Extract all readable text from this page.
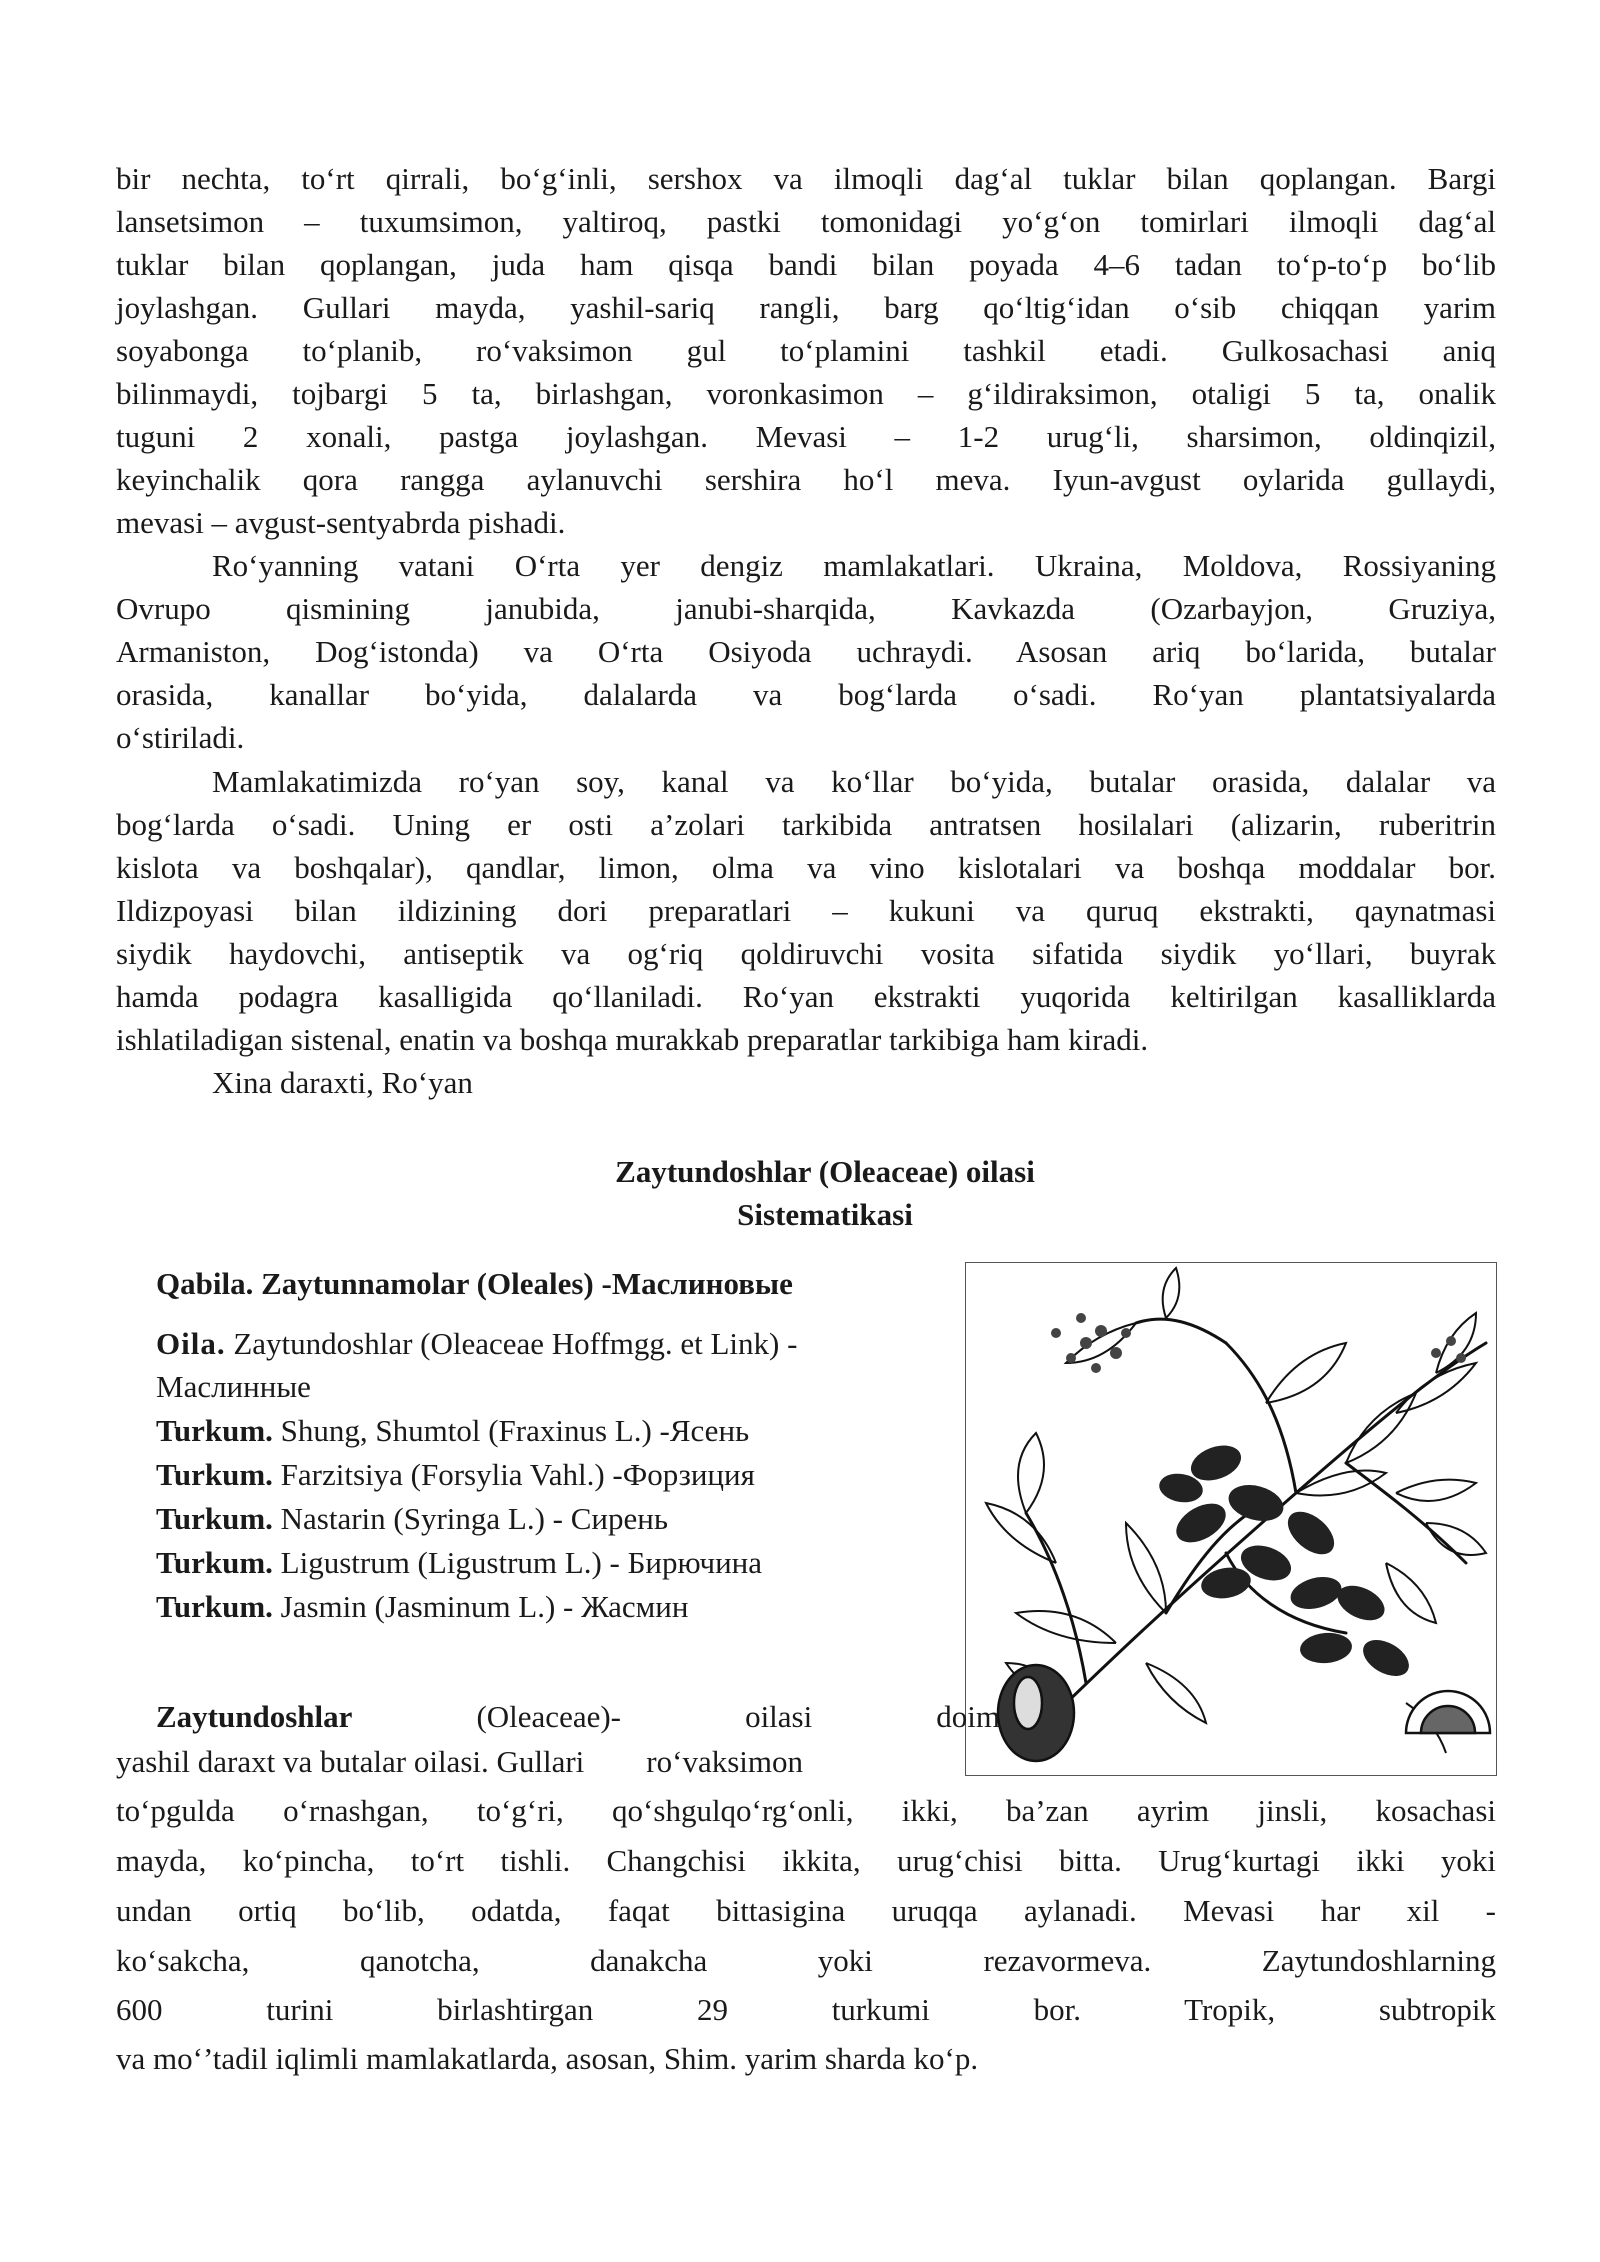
bir nechta, to‘rt qirrali, bo‘g‘inli, sershox va ilmoqli dag‘al tuklar bilan qoplangan. Bargi
lansetsimon – tuxumsimon, yaltiroq, pastki tomonidagi yo‘g‘on tomirlari ilmoqli dag‘al
tuklar bilan qoplangan, juda ham qisqa bandi bilan poyada 4–6 tadan to‘p-to‘p bo‘lib
joylashgan. Gullari mayda, yashil-sariq rangli, barg qo‘ltig‘idan o‘sib chiqqan yarim
soyabonga to‘planib, ro‘vaksimon gul to‘plamini tashkil etadi. Gulkosachasi aniq
bilinmaydi, tojbargi 5 ta, birlashgan, voronkasimon – g‘ildiraksimon, otaligi 5 ta, onalik
tuguni 2 xonali, pastga joylashgan. Mevasi – 1-2 urug‘li, sharsimon, oldinqizil,
keyinchalik qora rangga aylanuvchi sershira ho‘l meva. Iyun-avgust oylarida gullaydi,
mevasi – avgust-sentyabrda pishadi.
Ro‘yanning vatani O‘rta yer dengiz mamlakatlari. Ukraina, Moldova, Rossiyaning
Ovrupo qismining janubida, janubi-sharqida, Kavkazda (Ozarbayjon, Gruziya,
Armaniston, Dog‘istonda) va O‘rta Osiyoda uchraydi. Asosan ariq bo‘larida, butalar
orasida, kanallar bo‘yida, dalalarda va bog‘larda o‘sadi. Ro‘yan plantatsiyalarda
o‘stiriladi.
Mamlakatimizda ro‘yan soy, kanal va ko‘llar bo‘yida, butalar orasida, dalalar va
bog‘larda o‘sadi. Uning er osti a’zolari tarkibida antratsen hosilalari (alizarin, ruberitrin
kislota va boshqalar), qandlar, limon, olma va vino kislotalari va boshqa moddalar bor.
Ildizpoyasi bilan ildizining dori preparatlari – kukuni va quruq ekstrakti, qaynatmasi
siydik haydovchi, antiseptik va og‘riq qoldiruvchi vosita sifatida siydik yo‘llari, buyrak
hamda podagra kasalligida qo‘llaniladi. Ro‘yan ekstrakti yuqorida keltirilgan kasalliklarda
ishlatiladigan sistenal, enatin va boshqa murakkab preparatlar tarkibiga ham kiradi.
Xina daraxti, Ro‘yan
Zaytundoshlar (Oleaceae) oilasi
Sistematikasi
Qabila. Zaytunnamolar (Oleales) -Маслиновые
Oila. Zaytundoshlar (Oleaceae Hoffmgg. et Link) -
Маслинные
Turkum. Shung, Shumtol (Fraxinus L.) -Ясень
Turkum. Farzitsiya (Forsylia Vahl.) -Форзиция
Turkum. Nastarin (Syringa L.) - Сирень
Turkum. Ligustrum (Ligustrum L.) - Бирючина
Turkum. Jasmin (Jasminum L.) - Жасмин
Zaytundoshlar	(Oleaceae)-	oilasi	doim
yashil daraxt va butalar oilasi. Gullari        ro‘vaksimon
to‘pgulda o‘rnashgan, to‘g‘ri, qo‘shgulqo‘rg‘onli, ikki, ba’zan ayrim jinsli, kosachasi
mayda, ko‘pincha, to‘rt tishli. Changchisi ikkita, urug‘chisi bitta. Urug‘kurtagi ikki yoki
undan ortiq bo‘lib, odatda, faqat bittasigina uruqqa aylanadi. Mevasi har xil -
ko‘sakcha, qanotcha, danakcha yoki rezavormeva. Zaytundoshlarning
600 turini birlashtirgan 29 turkumi bor. Tropik, subtropik
va mo‘’tadil iqlimli mamlakatlarda, asosan, Shim. yarim sharda ko‘p.
